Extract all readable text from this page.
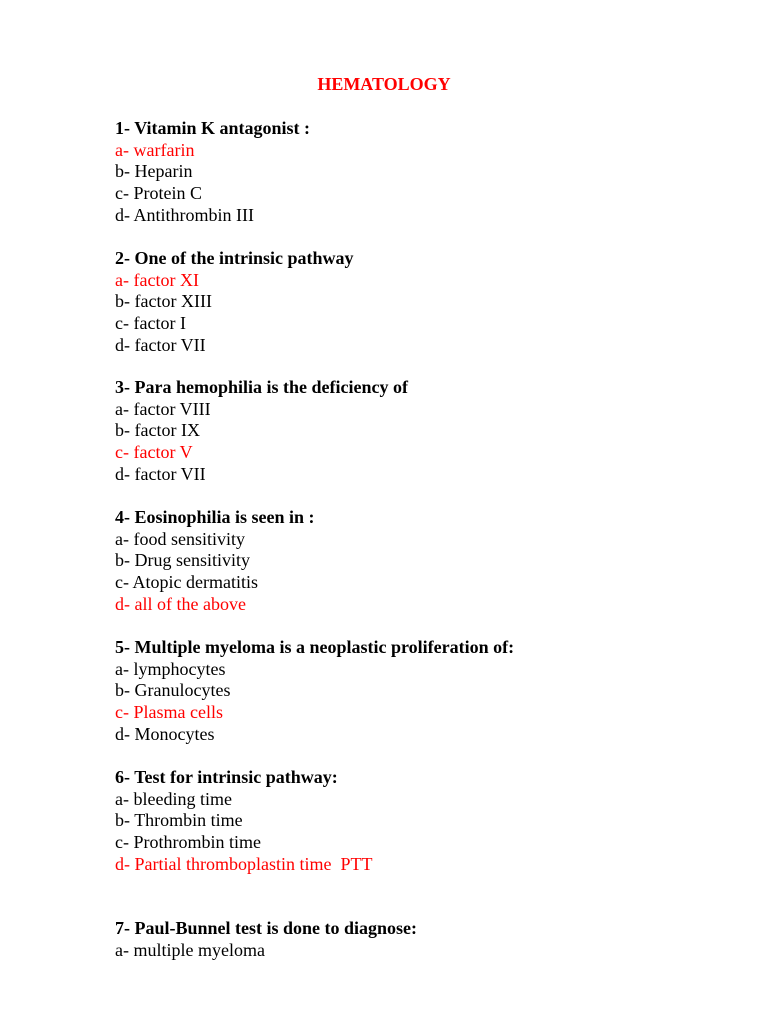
HEMATOLOGY

1- Vitamin K antagonist :

a- warfarin

b- Heparin

c- Protein C

d- Antithrombin III

2- One of the intrinsic pathway

a- factor XI

b- factor XIII

c- factor I

d- factor VII

3- Para hemophilia is the deficiency of

a- factor VIII

b- factor IX

c- factor V

d- factor VII

4- Eosinophilia is seen in :

a- food sensitivity

b- Drug sensitivity

c- Atopic dermatitis

d- all of the above

5- Multiple myeloma is a neoplastic proliferation of:

a- lymphocytes

b- Granulocytes

c- Plasma cells

d- Monocytes

6- Test for intrinsic pathway:

a- bleeding time

b- Thrombin time

c- Prothrombin time

d- Partial thromboplastin time  PTT

7- Paul-Bunnel test is done to diagnose:

a- multiple myeloma
